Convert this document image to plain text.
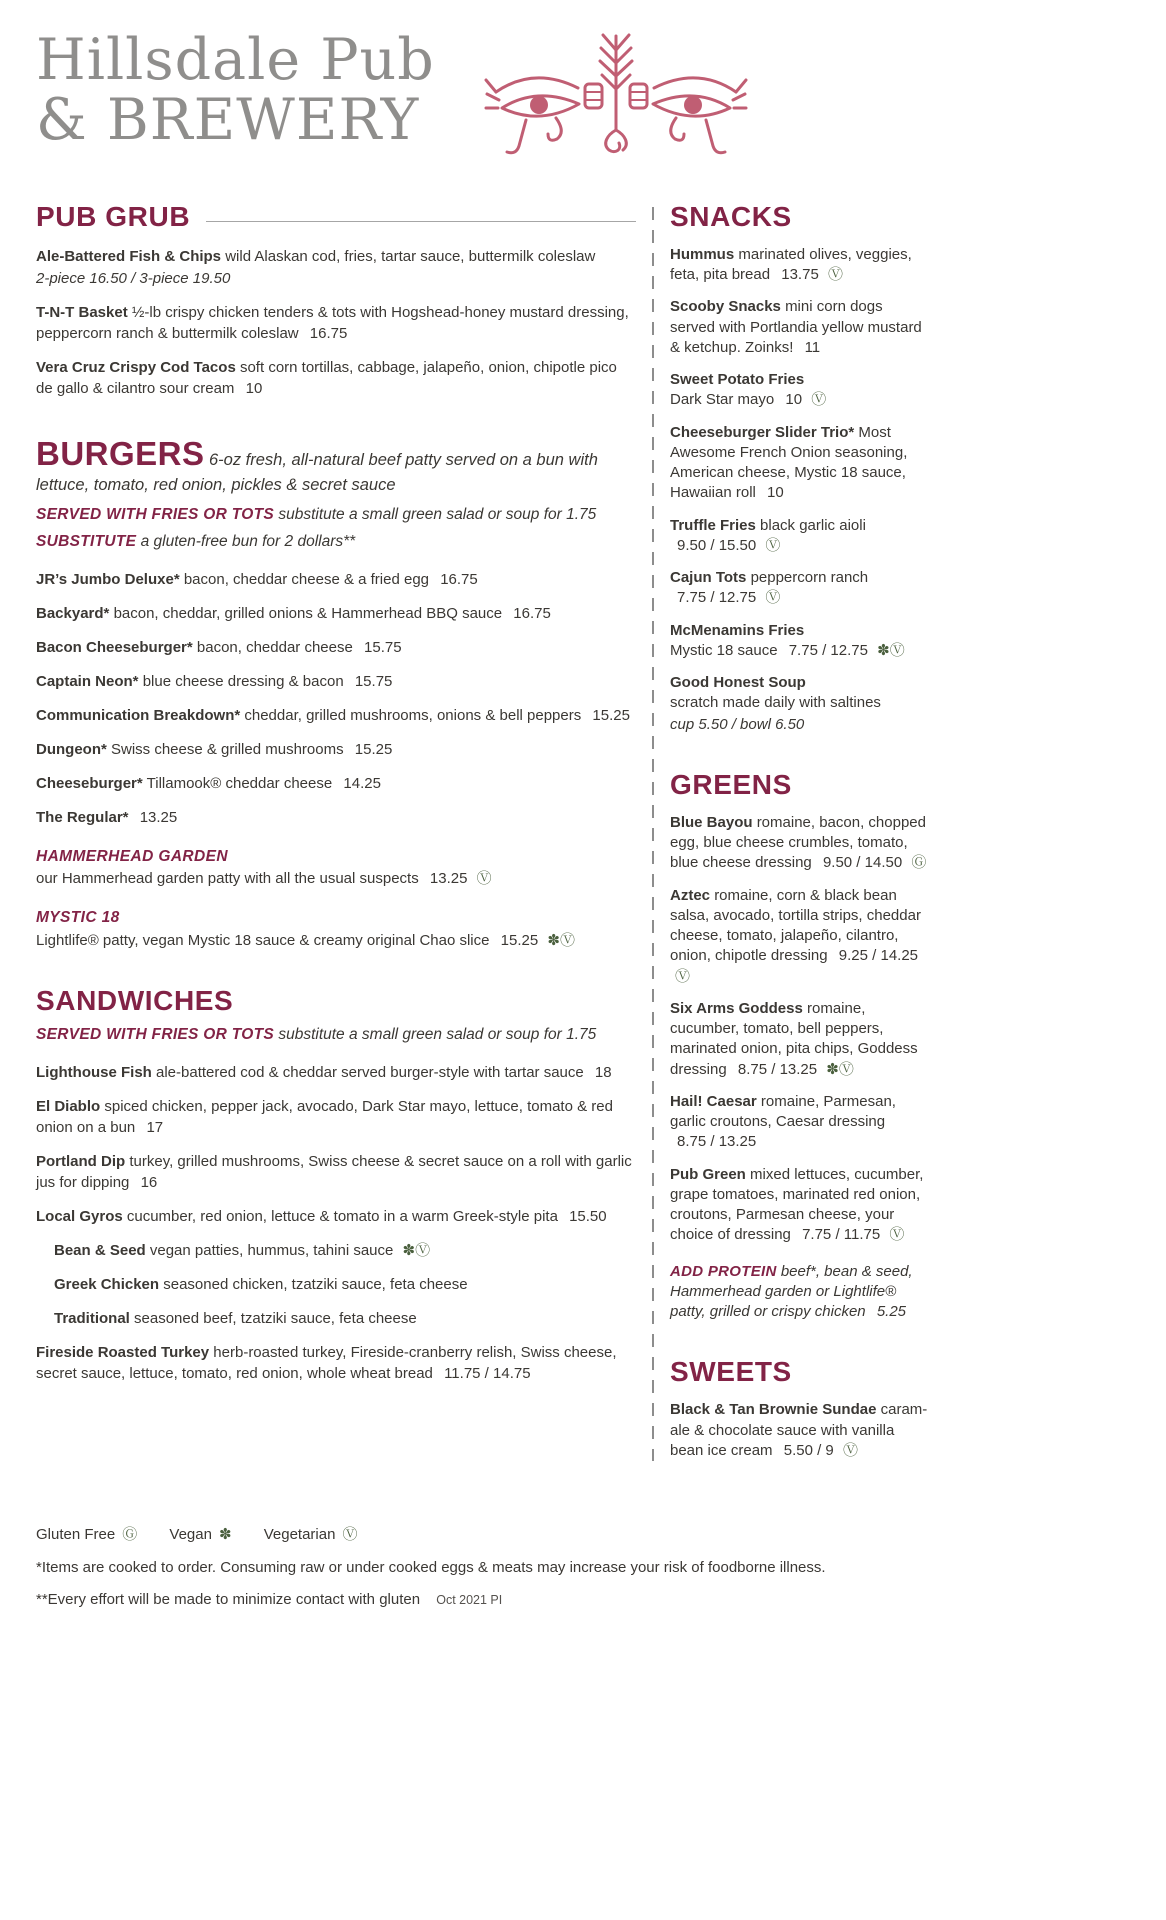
Hillsdale Pub
& BREWERY
PUB GRUB

Ale-Battered Fish & Chips wild Alaskan cod, fries, tartar sauce, buttermilk coleslaw
2-piece 16.50 / 3-piece 19.50

T-N-T Basket ½-lb crispy chicken tenders & tots with Hogshead-honey mustard dressing, peppercorn ranch & buttermilk coleslaw 16.75

Vera Cruz Crispy Cod Tacos soft corn tortillas, cabbage, jalapeño, onion, chipotle pico de gallo & cilantro sour cream 10

BURGERS 6-oz fresh, all-natural beef patty served on a bun with lettuce, tomato, red onion, pickles & secret sauce

SERVED WITH FRIES OR TOTS substitute a small green salad or soup for 1.75

SUBSTITUTE a gluten-free bun for 2 dollars**

JR’s Jumbo Deluxe* bacon, cheddar cheese & a fried egg 16.75

Backyard* bacon, cheddar, grilled onions & Hammerhead BBQ sauce 16.75

Bacon Cheeseburger* bacon, cheddar cheese 15.75

Captain Neon* blue cheese dressing & bacon 15.75

Communication Breakdown* cheddar, grilled mushrooms, onions & bell peppers 15.25

Dungeon* Swiss cheese & grilled mushrooms 15.25

Cheeseburger* Tillamook® cheddar cheese 14.25

The Regular* 13.25

HAMMERHEAD GARDEN
our Hammerhead garden patty with all the usual suspects 13.25 Ⓥ

MYSTIC 18
Lightlife® patty, vegan Mystic 18 sauce & creamy original Chao slice 15.25 ✽Ⓥ

SANDWICHES

SERVED WITH FRIES OR TOTS substitute a small green salad or soup for 1.75

Lighthouse Fish ale-battered cod & cheddar served burger-style with tartar sauce 18

El Diablo spiced chicken, pepper jack, avocado, Dark Star mayo, lettuce, tomato & red onion on a bun 17

Portland Dip turkey, grilled mushrooms, Swiss cheese & secret sauce on a roll with garlic jus for dipping 16

Local Gyros cucumber, red onion, lettuce & tomato in a warm Greek-style pita 15.50

Bean & Seed vegan patties, hummus, tahini sauce ✽Ⓥ

Greek Chicken seasoned chicken, tzatziki sauce, feta cheese

Traditional seasoned beef, tzatziki sauce, feta cheese

Fireside Roasted Turkey herb-roasted turkey, Fireside-cranberry relish, Swiss cheese, secret sauce, lettuce, tomato, red onion, whole wheat bread 11.75 / 14.75

SNACKS

Hummus marinated olives, veggies, feta, pita bread 13.75 Ⓥ

Scooby Snacks mini corn dogs served with Portlandia yellow mustard & ketchup. Zoinks! 11

Sweet Potato Fries
Dark Star mayo 10 Ⓥ

Cheeseburger Slider Trio* Most Awesome French Onion seasoning, American cheese, Mystic 18 sauce, Hawaiian roll 10

Truffle Fries black garlic aioli 9.50 / 15.50 Ⓥ

Cajun Tots peppercorn ranch 7.75 / 12.75 Ⓥ

McMenamins Fries
Mystic 18 sauce 7.75 / 12.75 ✽Ⓥ

Good Honest Soup
scratch made daily with saltines
cup 5.50 / bowl 6.50

GREENS

Blue Bayou romaine, bacon, chopped egg, blue cheese crumbles, tomato, blue cheese dressing 9.50 / 14.50 Ⓖ

Aztec romaine, corn & black bean salsa, avocado, tortilla strips, cheddar cheese, tomato, jalapeño, cilantro, onion, chipotle dressing 9.25 / 14.25 Ⓥ

Six Arms Goddess romaine, cucumber, tomato, bell peppers, marinated onion, pita chips, Goddess dressing 8.75 / 13.25 ✽Ⓥ

Hail! Caesar romaine, Parmesan, garlic croutons, Caesar dressing 8.75 / 13.25

Pub Green mixed lettuces, cucumber, grape tomatoes, marinated red onion, croutons, Parmesan cheese, your choice of dressing 7.75 / 11.75 Ⓥ

ADD PROTEIN beef*, bean & seed, Hammerhead garden or Lightlife® patty, grilled or crispy chicken 5.25

SWEETS

Black & Tan Brownie Sundae caram-ale & chocolate sauce with vanilla bean ice cream 5.50 / 9 Ⓥ

Gluten Free Ⓖ Vegan ✽ Vegetarian Ⓥ

*Items are cooked to order. Consuming raw or under cooked eggs & meats may increase your risk of foodborne illness.

**Every effort will be made to minimize contact with gluten Oct 2021 PI
